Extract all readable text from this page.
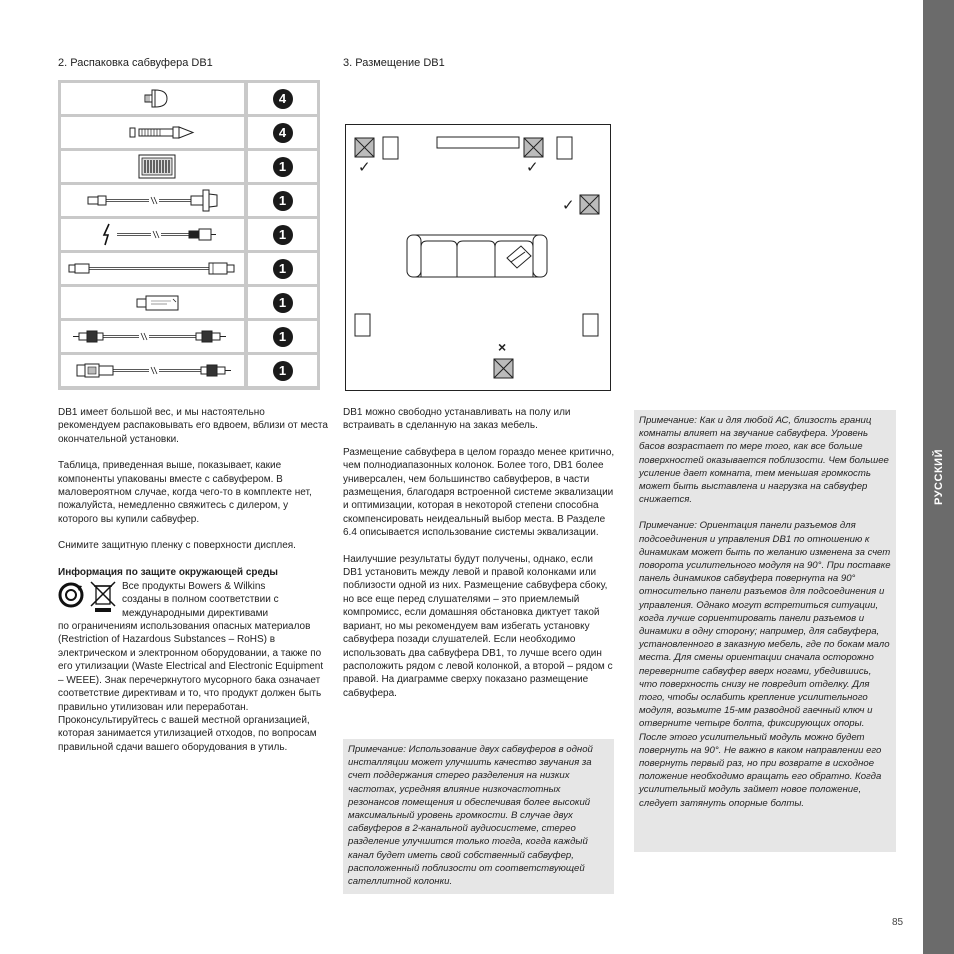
РУССКИЙ
2. Распаковка сабвуфера DB1	3. Размещение DB1
4
4
1
1
1
1
1
1
1
✓	✓
✓
×

DB1 имеет большой вес, и мы настоятельно рекомендуем распаковывать его вдвоем, вблизи от места окончательной установки.

Таблица, приведенная выше, показывает, какие компоненты упакованы вместе с сабвуфером. В маловероятном случае, когда чего-то в комплекте нет, пожалуйста, немедленно свяжитесь с дилером, у которого вы купили сабвуфер.

Снимите защитную пленку с поверхности дисплея.

Информация по защите окружающей среды
Все продукты Bowers & Wilkins
созданы в полном соответствии с
международными директивами

по ограничениям использования опасных материалов (Restriction of Hazardous Substances – RoHS) в электрическом и электронном оборудовании, а также по его утилизации (Waste Electrical and Electronic Equipment – WEEE). Знак перечеркнутого мусорного бака означает соответствие директивам и то, что продукт должен быть правильно утилизован или переработан. Проконсультируйтесь с вашей местной организацией, которая занимается утилизацией отходов, по вопросам правильной сдачи вашего оборудования в утиль.

DB1 можно свободно устанавливать на полу или встраивать в сделанную на заказ мебель.

Размещение сабвуфера в целом гораздо менее критично, чем полнодиапазонных колонок. Более того, DB1 более универсален, чем большинство сабвуферов, в части размещения, благодаря встроенной системе эквализации и оптимизации, которая в некоторой степени способна скомпенсировать неидеальный выбор места. В Разделе 6.4 описывается использование системы эквализации.

Наилучшие результаты будут получены, однако, если DB1 установить между левой и правой колонками или поблизости одной из них. Размещение сабвуфера сбоку, но все еще перед слушателями – это приемлемый компромисс, если домашняя обстановка диктует такой вариант, но мы рекомендуем вам избегать установку сабвуфера позади слушателей. Если необходимо использовать два сабвуфера DB1, то лучше всего один расположить рядом с левой колонкой, а второй – рядом с правой. На диаграмме сверху показано размещение сабвуфера.

Примечание: Использование двух сабвуферов в одной инсталляции может улучшить качество звучания за счет поддержания стерео разделения на низких частотах, усредняя влияние низкочастотных резонансов помещения и обеспечивая более высокий максимальный уровень громкости. В случае двух сабвуферов в 2-канальной аудиосистеме, стерео разделение улучшится только тогда, когда каждый канал будет иметь свой собственный сабвуфер, расположенный поблизости от соответствующей сателлитной колонки.

Примечание: Как и для любой АС, близость границ комнаты влияет на звучание сабвуфера. Уровень басов возрастает по мере того, как все больше поверхностей оказывается поблизости. Чем большее усиление дает комната, тем меньшая громкость может быть выставлена и нагрузка на сабвуфер снижается.

Примечание: Ориентация панели разъемов для подсоединения и управления DB1 по отношению к динамикам может быть по желанию изменена за счет поворота усилительного модуля на 90°. При поставке панель динамиков сабвуфера повернута на 90° относительно панели разъемов для подсоединения и управления. Однако могут встретиться ситуации, когда лучше сориентировать панели разъемов и динамики в одну сторону; например, для сабвуфера, установленного в заказную мебель, где по бокам мало места. Для смены ориентации сначала осторожно переверните сабвуфер вверх ногами, убедившись, что поверхность снизу не повредит отделку. Для того, чтобы ослабить крепление усилительного модуля, возьмите 15-мм разводной гаечный ключ и отверните четыре болта, фиксирующих опоры. После этого усилительный модуль можно будет повернуть на 90°. Не важно в каком направлении его повернуть первый раз, но при возврате в исходное положение необходимо вращать его обратно. Когда усилительный модуль займет новое положение, следует затянуть опорные болты.

85
